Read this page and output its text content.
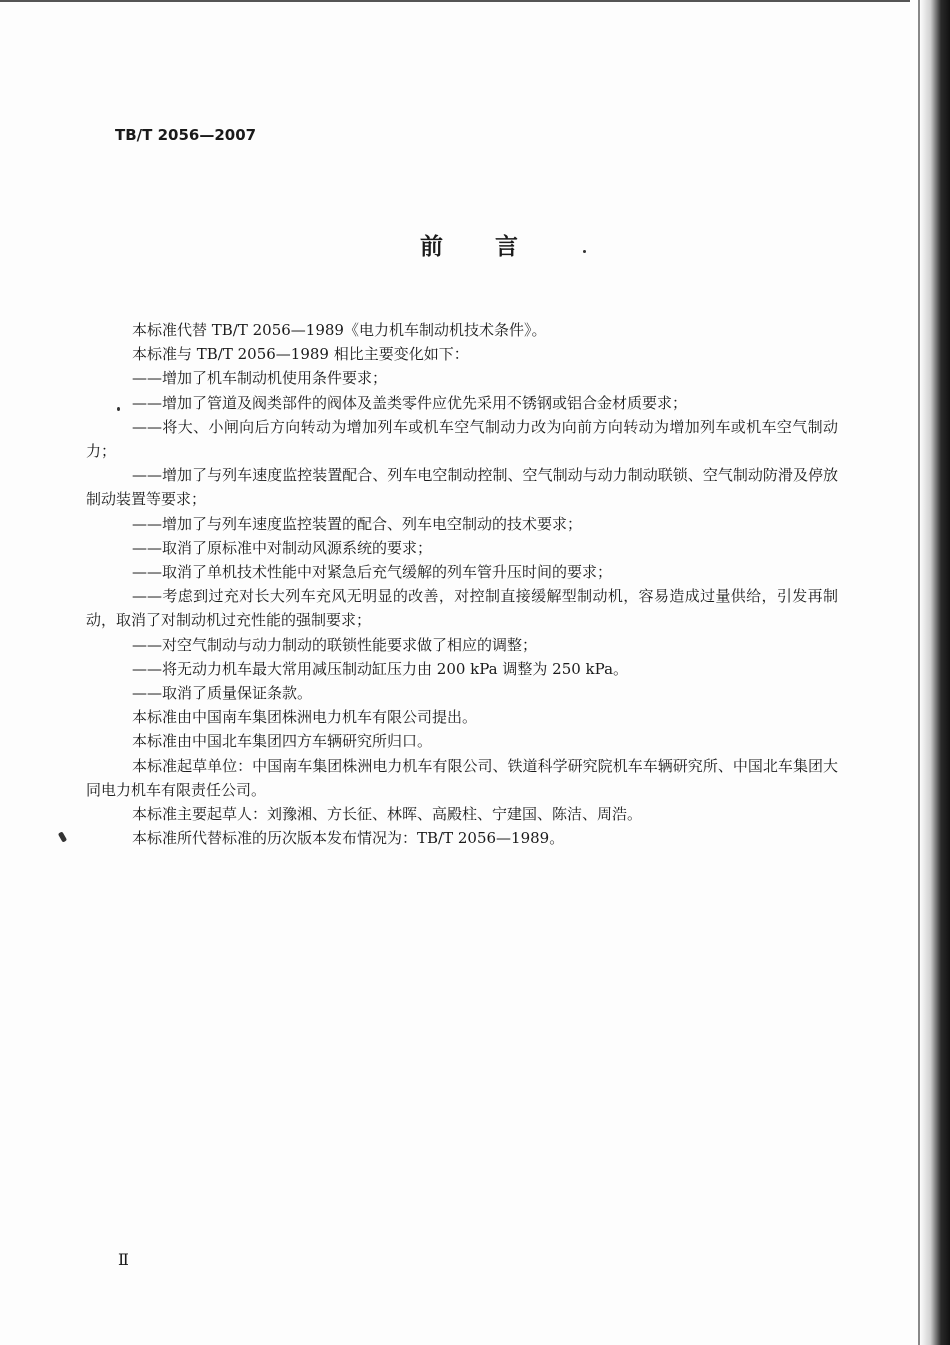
TB/T 2056—2007
前言

本标准代替 TB/T 2056—1989《电力机车制动机技术条件》。

本标准与 TB/T 2056—1989 相比主要变化如下：

——增加了机车制动机使用条件要求；

——增加了管道及阀类部件的阀体及盖类零件应优先采用不锈钢或铝合金材质要求；

——将大、小闸向后方向转动为增加列车或机车空气制动力改为向前方向转动为增加列车或机车空气制动力；

——增加了与列车速度监控装置配合、列车电空制动控制、空气制动与动力制动联锁、空气制动防滑及停放制动装置等要求；

——增加了与列车速度监控装置的配合、列车电空制动的技术要求；

——取消了原标准中对制动风源系统的要求；

——取消了单机技术性能中对紧急后充气缓解的列车管升压时间的要求；

——考虑到过充对长大列车充风无明显的改善，对控制直接缓解型制动机，容易造成过量供给，引发再制动，取消了对制动机过充性能的强制要求；

——对空气制动与动力制动的联锁性能要求做了相应的调整；

——将无动力机车最大常用减压制动缸压力由 200 kPa 调整为 250 kPa。

——取消了质量保证条款。

本标准由中国南车集团株洲电力机车有限公司提出。

本标准由中国北车集团四方车辆研究所归口。

本标准起草单位：中国南车集团株洲电力机车有限公司、铁道科学研究院机车车辆研究所、中国北车集团大同电力机车有限责任公司。

本标准主要起草人：刘豫湘、方长征、林晖、高殿柱、宁建国、陈洁、周浩。

本标准所代替标准的历次版本发布情况为：TB/T 2056—1989。

Ⅱ
